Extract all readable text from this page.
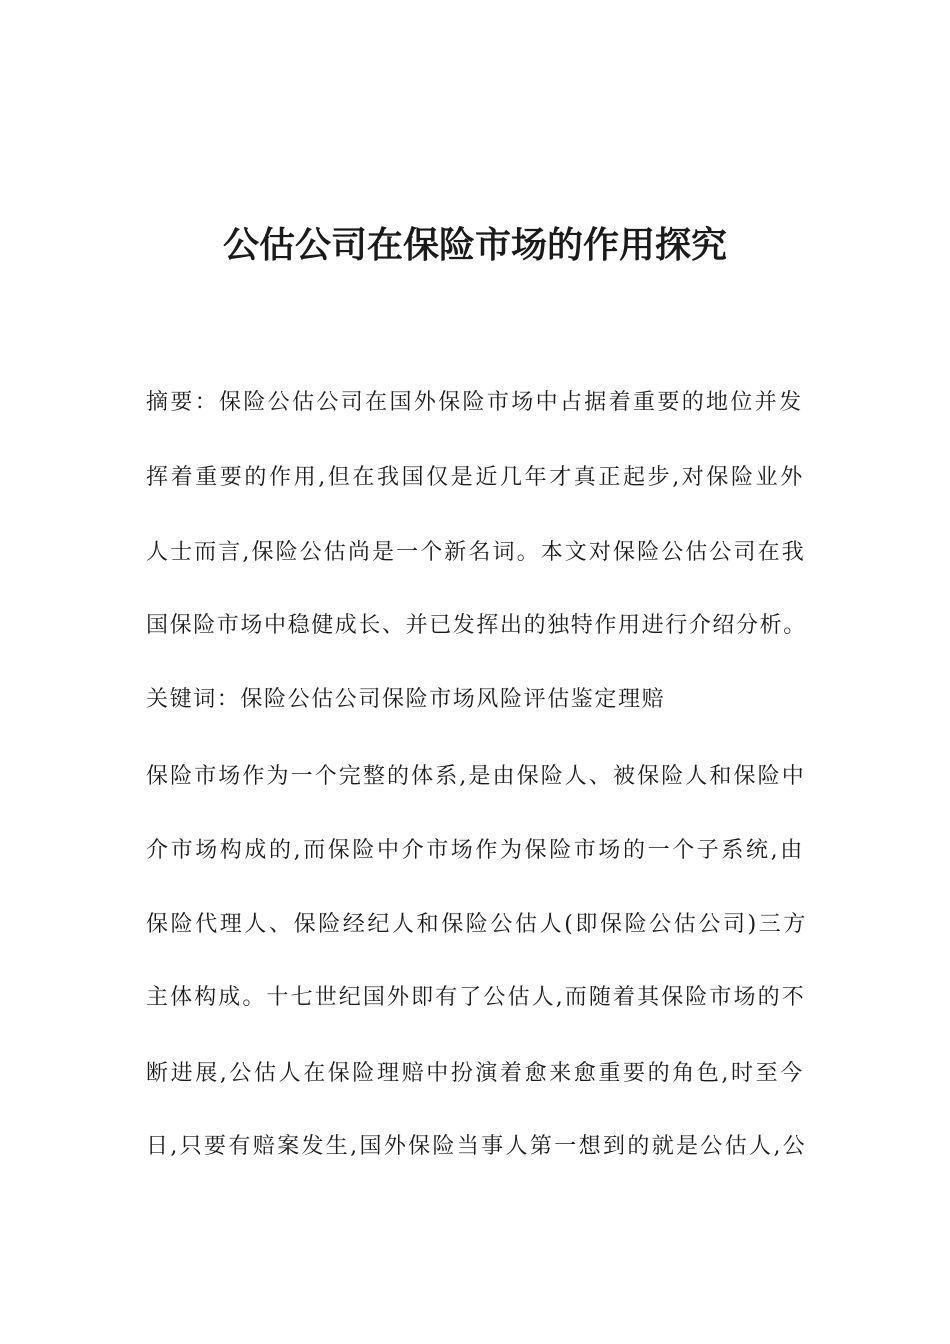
公估公司在保险市场的作用探究

摘要：保险公估公司在国外保险市场中占据着重要的地位并发

挥着重要的作用,但在我国仅是近几年才真正起步,对保险业外

人士而言,保险公估尚是一个新名词。本文对保险公估公司在我

国保险市场中稳健成长、并已发挥出的独特作用进行介绍分析。

关键词：保险公估公司保险市场风险评估鉴定理赔

保险市场作为一个完整的体系,是由保险人、被保险人和保险中

介市场构成的,而保险中介市场作为保险市场的一个子系统,由

保险代理人、保险经纪人和保险公估人(即保险公估公司)三方

主体构成。十七世纪国外即有了公估人,而随着其保险市场的不

断进展,公估人在保险理赔中扮演着愈来愈重要的角色,时至今

日,只要有赔案发生,国外保险当事人第一想到的就是公估人,公
